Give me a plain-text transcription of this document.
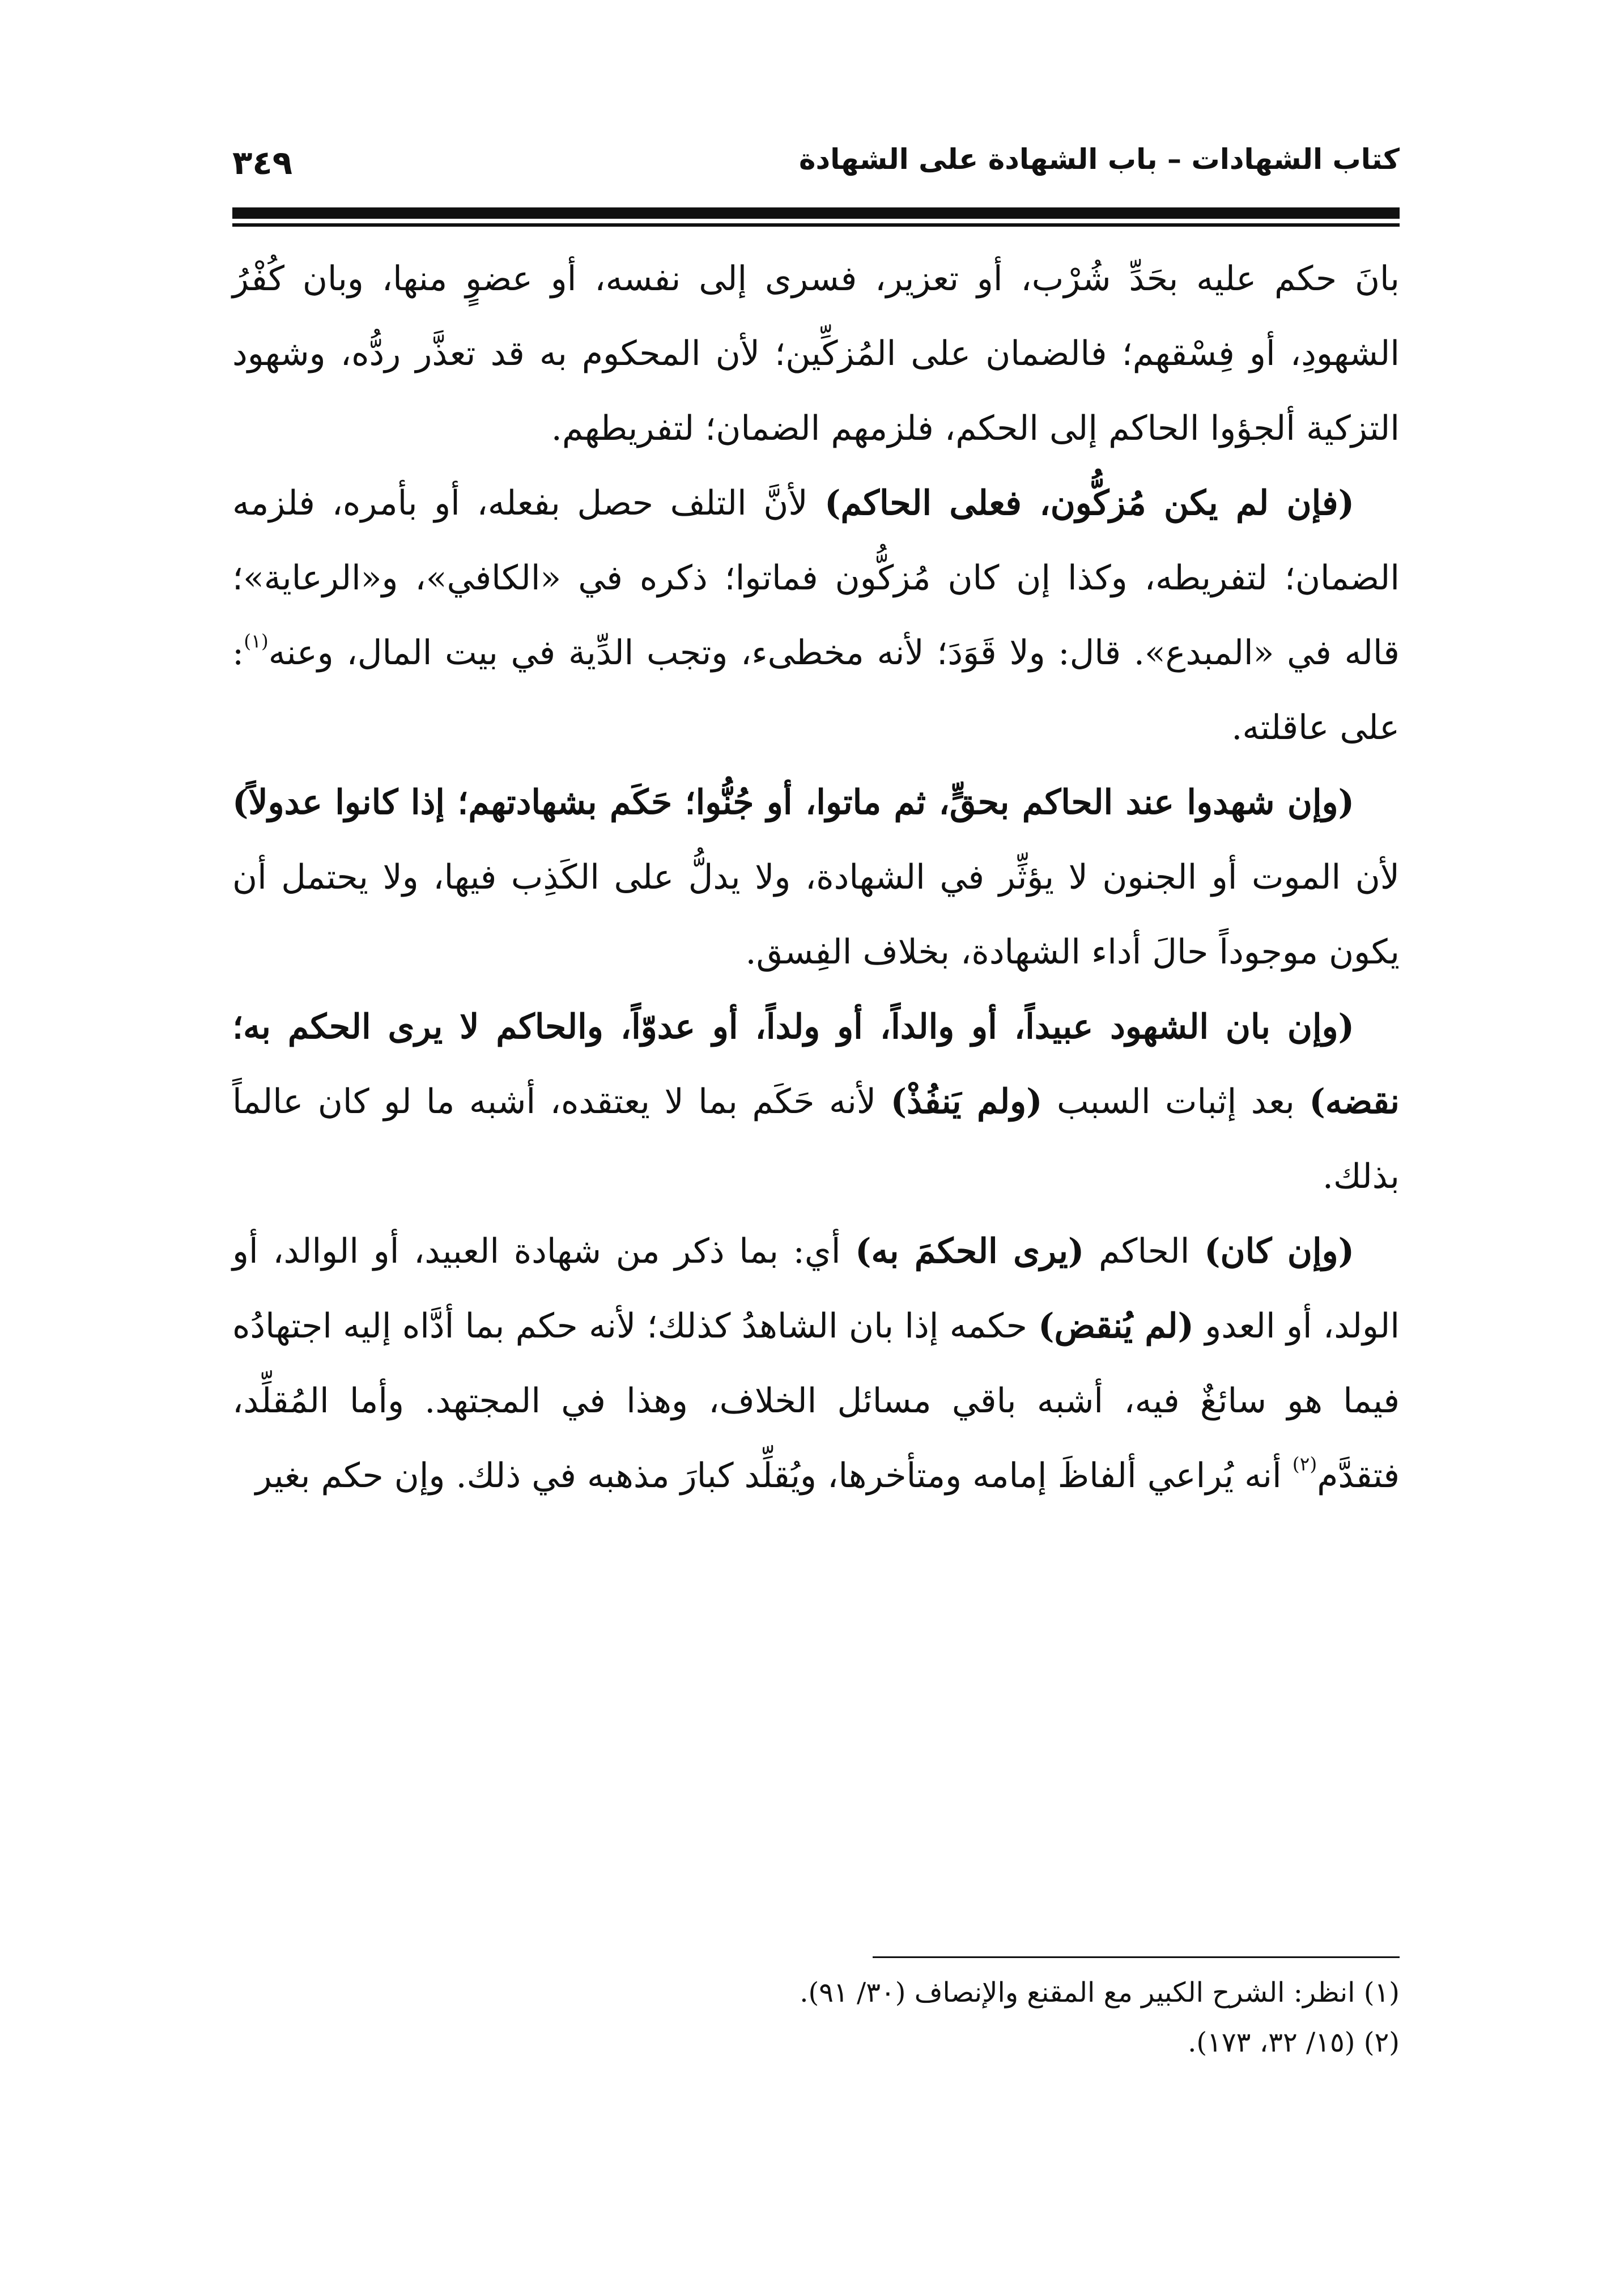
كتاب الشهادات – باب الشهادة على الشهادة
٣٤٩

بانَ حكم عليه بحَدِّ شُرْب، أو تعزير، فسرى إلى نفسه، أو عضوٍ منها، وبان كُفْرُ الشهودِ، أو فِسْقهم؛ فالضمان على المُزكِّين؛ لأن المحكوم به قد تعذَّر ردُّه، وشهود التزكية ألجؤوا الحاكم إلى الحكم، فلزمهم الضمان؛ لتفريطهم.

(فإن لم يكن مُزكُّون، فعلى الحاكم) لأنَّ التلف حصل بفعله، أو بأمره، فلزمه الضمان؛ لتفريطه، وكذا إن كان مُزكُّون فماتوا؛ ذكره في «الكافي»، و«الرعاية»؛ قاله في «المبدع». قال: ولا قَوَدَ؛ لأنه مخطىء، وتجب الدِّية في بيت المال، وعنه$^{(١)}$: على عاقلته.

(وإن شهدوا عند الحاكم بحقٍّ، ثم ماتوا، أو جُنُّوا؛ حَكَم بشهادتهم؛ إذا كانوا عدولاً) لأن الموت أو الجنون لا يؤثِّر في الشهادة، ولا يدلُّ على الكَذِب فيها، ولا يحتمل أن يكون موجوداً حالَ أداء الشهادة، بخلاف الفِسق.

(وإن بان الشهود عبيداً، أو والداً، أو ولداً، أو عدوّاً، والحاكم لا يرى الحكم به؛ نقضه) بعد إثبات السبب (ولم يَنفُذْ) لأنه حَكَم بما لا يعتقده، أشبه ما لو كان عالماً بذلك.

(وإن كان) الحاكم (يرى الحكمَ به) أي: بما ذكر من شهادة العبيد، أو الوالد، أو الولد، أو العدو (لم يُنقض) حكمه إذا بان الشاهدُ كذلك؛ لأنه حكم بما أدَّاه إليه اجتهادُه فيما هو سائغٌ فيه، أشبه باقي مسائل الخلاف، وهذا في المجتهد. وأما المُقلِّد، فتقدَّم$^{(٢)}$ أنه يُراعي ألفاظَ إمامه ومتأخرها، ويُقلِّد كبارَ مذهبه في ذلك. وإن حكم بغير

(١) انظر: الشرح الكبير مع المقنع والإنصاف (٣٠/ ٩١).

(٢) (١٥/ ٣٢، ١٧٣).
